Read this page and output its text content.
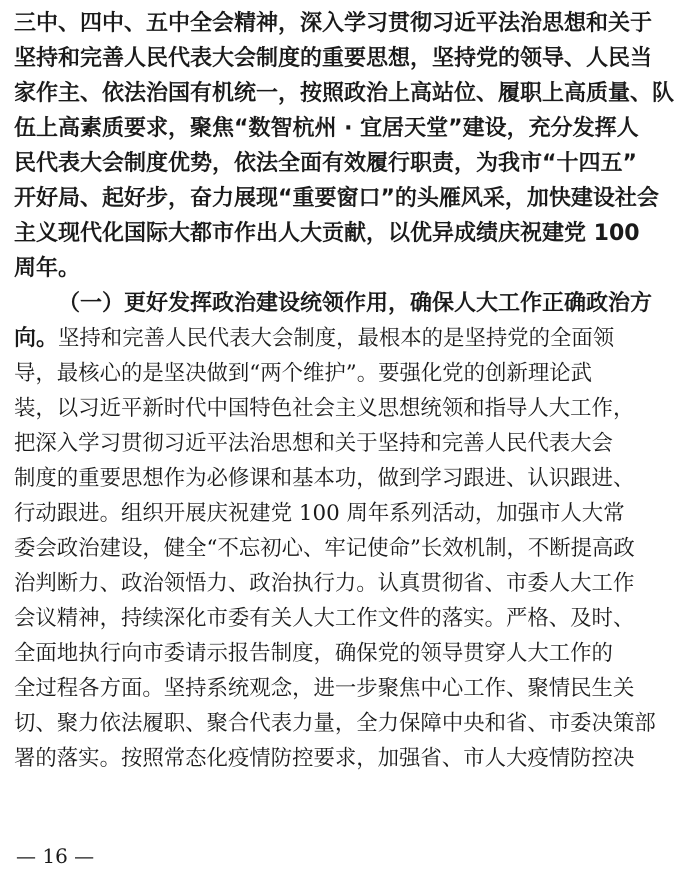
三中、四中、五中全会精神，深入学习贯彻习近平法治思想和关于
坚持和完善人民代表大会制度的重要思想，坚持党的领导、人民当
家作主、依法治国有机统一，按照政治上高站位、履职上高质量、队
伍上高素质要求，聚焦“数智杭州 · 宜居天堂”建设，充分发挥人
民代表大会制度优势，依法全面有效履行职责，为我市“十四五”
开好局、起好步，奋力展现“重要窗口”的头雁风采，加快建设社会
主义现代化国际大都市作出人大贡献，以优异成绩庆祝建党 100
周年。
（一）更好发挥政治建设统领作用，确保人大工作正确政治方
向。坚持和完善人民代表大会制度，最根本的是坚持党的全面领
导，最核心的是坚决做到“两个维护”。要强化党的创新理论武
装，以习近平新时代中国特色社会主义思想统领和指导人大工作，
把深入学习贯彻习近平法治思想和关于坚持和完善人民代表大会
制度的重要思想作为必修课和基本功，做到学习跟进、认识跟进、
行动跟进。组织开展庆祝建党 100 周年系列活动，加强市人大常
委会政治建设，健全“不忘初心、牢记使命”长效机制，不断提高政
治判断力、政治领悟力、政治执行力。认真贯彻省、市委人大工作
会议精神，持续深化市委有关人大工作文件的落实。严格、及时、
全面地执行向市委请示报告制度，确保党的领导贯穿人大工作的
全过程各方面。坚持系统观念，进一步聚焦中心工作、聚情民生关
切、聚力依法履职、聚合代表力量，全力保障中央和省、市委决策部
署的落实。按照常态化疫情防控要求，加强省、市人大疫情防控决
— 16 —
